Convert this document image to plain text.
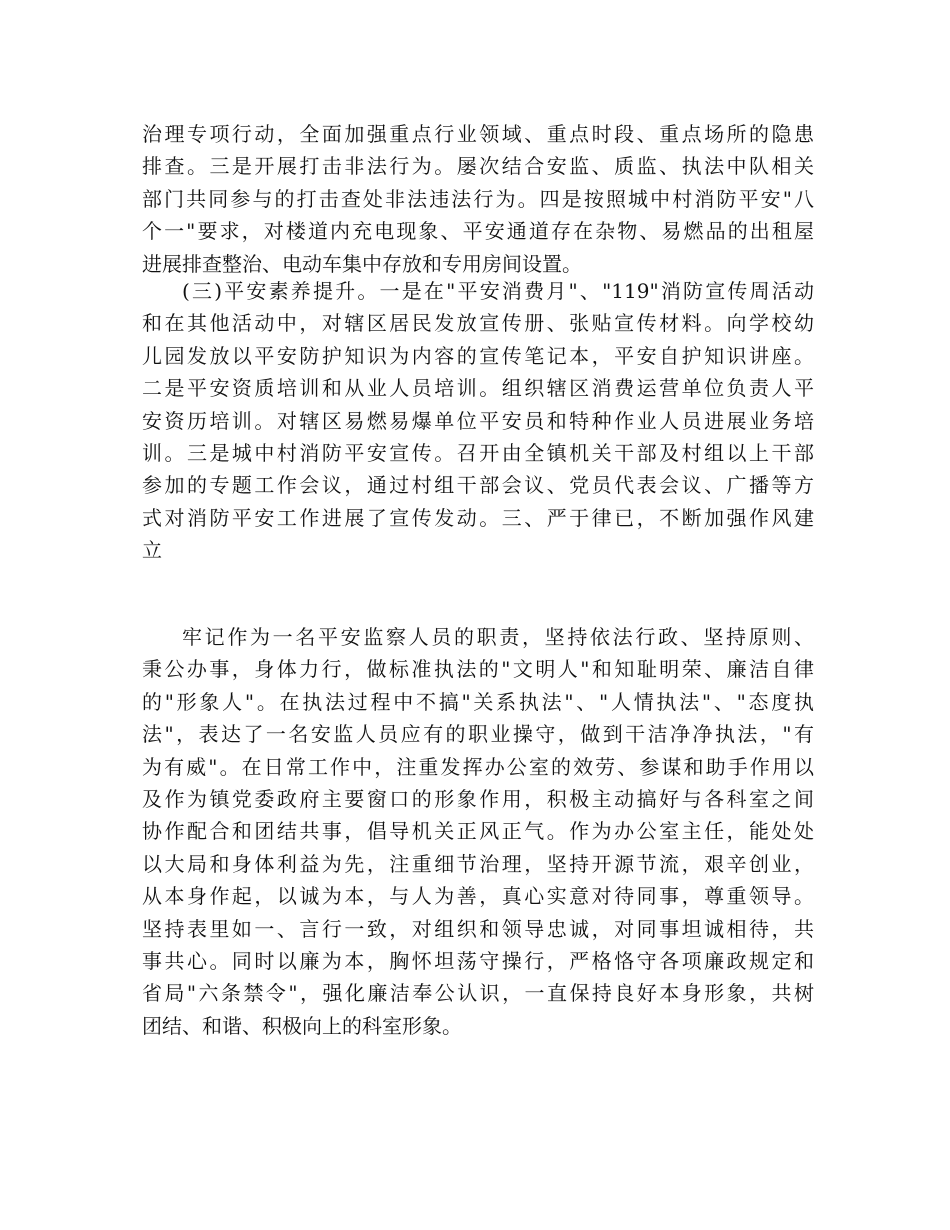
治理专项行动，全面加强重点行业领域、重点时段、重点场所的隐患
排查。三是开展打击非法行为。屡次结合安监、质监、执法中队相关
部门共同参与的打击查处非法违法行为。四是按照城中村消防平安"八
个一"要求，对楼道内充电现象、平安通道存在杂物、易燃品的出租屋
进展排查整治、电动车集中存放和专用房间设置。
(三)平安素养提升。一是在"平安消费月"、"119"消防宣传周活动
和在其他活动中，对辖区居民发放宣传册、张贴宣传材料。向学校幼
儿园发放以平安防护知识为内容的宣传笔记本，平安自护知识讲座。
二是平安资质培训和从业人员培训。组织辖区消费运营单位负责人平
安资历培训。对辖区易燃易爆单位平安员和特种作业人员进展业务培
训。三是城中村消防平安宣传。召开由全镇机关干部及村组以上干部
参加的专题工作会议，通过村组干部会议、党员代表会议、广播等方
式对消防平安工作进展了宣传发动。三、严于律已，不断加强作风建
立
牢记作为一名平安监察人员的职责，坚持依法行政、坚持原则、
秉公办事，身体力行，做标准执法的"文明人"和知耻明荣、廉洁自律
的"形象人"。在执法过程中不搞"关系执法"、"人情执法"、"态度执
法"，表达了一名安监人员应有的职业操守，做到干洁净净执法，"有
为有威"。在日常工作中，注重发挥办公室的效劳、参谋和助手作用以
及作为镇党委政府主要窗口的形象作用，积极主动搞好与各科室之间
协作配合和团结共事，倡导机关正风正气。作为办公室主任，能处处
以大局和身体利益为先，注重细节治理，坚持开源节流，艰辛创业，
从本身作起，以诚为本，与人为善，真心实意对待同事，尊重领导。
坚持表里如一、言行一致，对组织和领导忠诚，对同事坦诚相待，共
事共心。同时以廉为本，胸怀坦荡守操行，严格恪守各项廉政规定和
省局"六条禁令"，强化廉洁奉公认识，一直保持良好本身形象，共树
团结、和谐、积极向上的科室形象。
